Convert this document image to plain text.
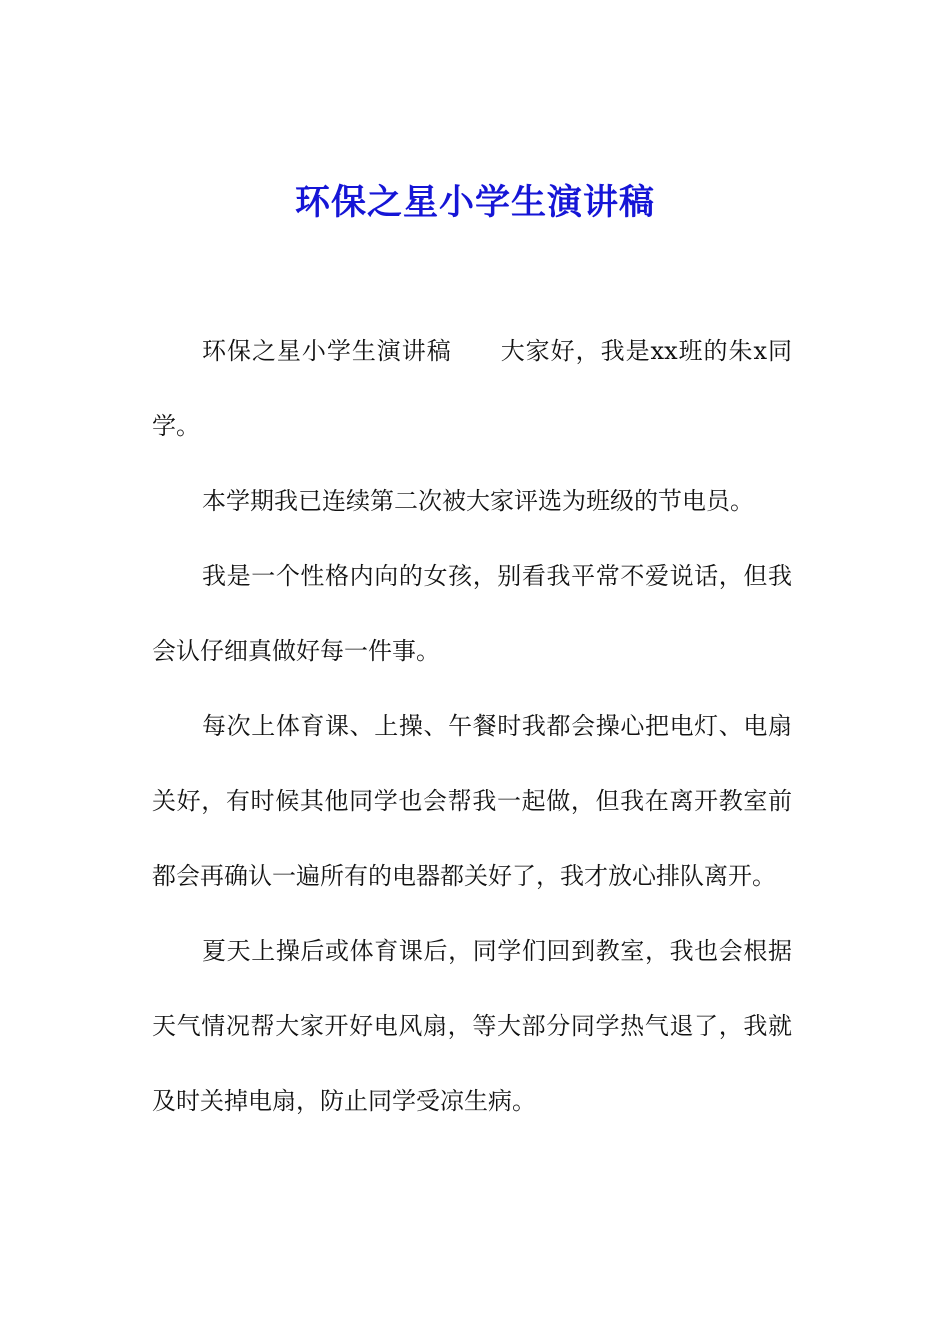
环保之星小学生演讲稿

环保之星小学生演讲稿 大家好，我是xx班的朱x同学。

本学期我已连续第二次被大家评选为班级的节电员。

我是一个性格内向的女孩，别看我平常不爱说话，但我会认仔细真做好每一件事。

每次上体育课、上操、午餐时我都会操心把电灯、电扇关好，有时候其他同学也会帮我一起做，但我在离开教室前都会再确认一遍所有的电器都关好了，我才放心排队离开。

夏天上操后或体育课后，同学们回到教室，我也会根据天气情况帮大家开好电风扇，等大部分同学热气退了，我就及时关掉电扇，防止同学受凉生病。
